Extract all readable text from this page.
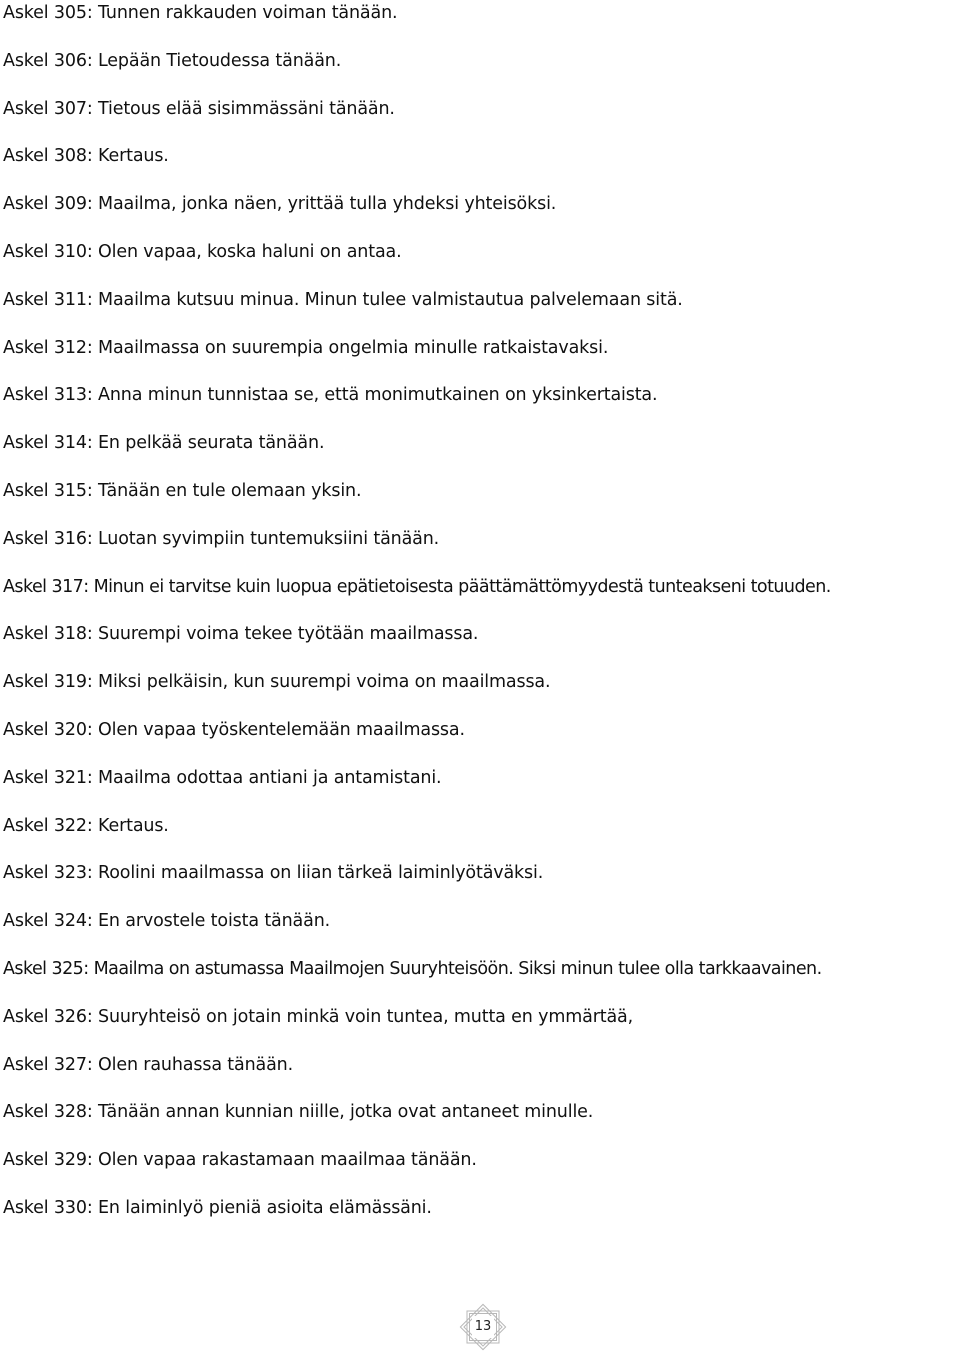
Askel 305: Tunnen rakkauden voiman tänään.
Askel 306: Lepään Tietoudessa tänään.
Askel 307: Tietous elää sisimmässäni tänään.
Askel 308: Kertaus.
Askel 309: Maailma, jonka näen, yrittää tulla yhdeksi yhteisöksi.
Askel 310: Olen vapaa, koska haluni on antaa.
Askel 311: Maailma kutsuu minua. Minun tulee valmistautua palvelemaan sitä.
Askel 312: Maailmassa on suurempia ongelmia minulle ratkaistavaksi.
Askel 313: Anna minun tunnistaa se, että monimutkainen on yksinkertaista.
Askel 314: En pelkää seurata tänään.
Askel 315: Tänään en tule olemaan yksin.
Askel 316: Luotan syvimpiin tuntemuksiini tänään.
Askel 317: Minun ei tarvitse kuin luopua epätietoisesta päättämättömyydestä tunteakseni totuuden.
Askel 318: Suurempi voima tekee työtään maailmassa.
Askel 319: Miksi pelkäisin, kun suurempi voima on maailmassa.
Askel 320: Olen vapaa työskentelemään maailmassa.
Askel 321: Maailma odottaa antiani ja antamistani.
Askel 322: Kertaus.
Askel 323: Roolini maailmassa on liian tärkeä laiminlyötäväksi.
Askel 324: En arvostele toista tänään.
Askel 325: Maailma on astumassa Maailmojen Suuryhteisöön. Siksi minun tulee olla tarkkaavainen.
Askel 326: Suuryhteisö on jotain minkä voin tuntea, mutta en ymmärtää,
Askel 327: Olen rauhassa tänään.
Askel 328: Tänään annan kunnian niille, jotka ovat antaneet minulle.
Askel 329: Olen vapaa rakastamaan maailmaa tänään.
Askel 330: En laiminlyö pieniä asioita elämässäni.
13
